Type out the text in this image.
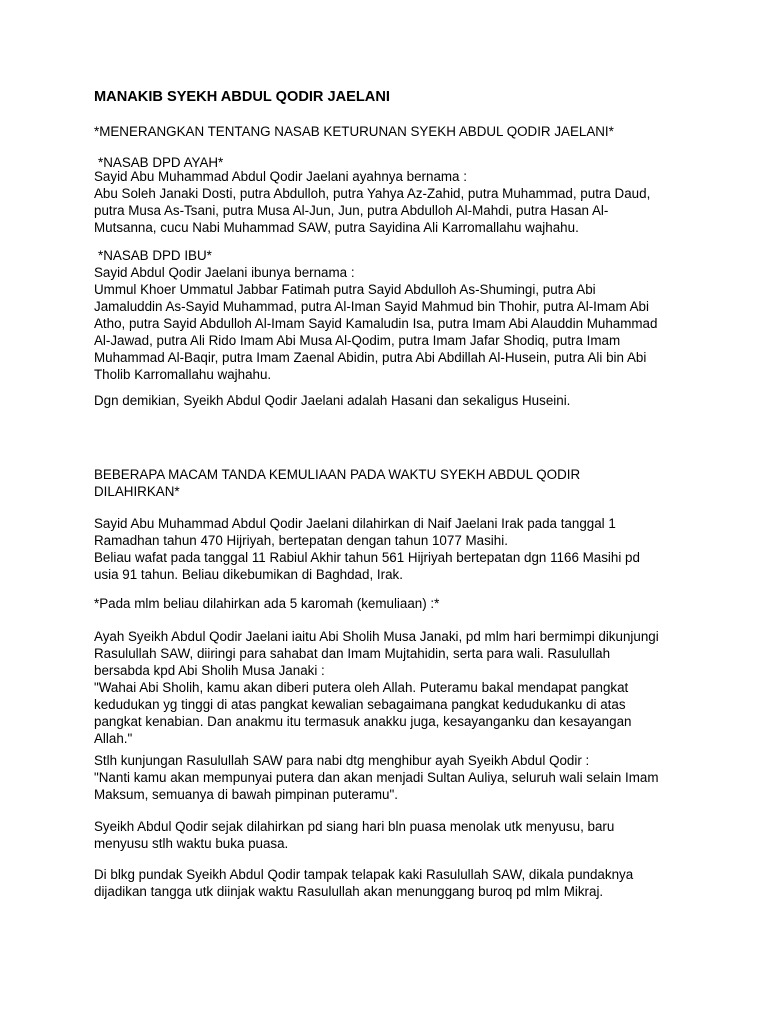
MANAKIB SYEKH ABDUL QODIR JAELANI

*MENERANGKAN TENTANG NASAB KETURUNAN SYEKH ABDUL QODIR JAELANI*

*NASAB DPD AYAH*

Sayid Abu Muhammad Abdul Qodir Jaelani ayahnya bernama :
Abu Soleh Janaki Dosti, putra Abdulloh, putra Yahya Az-Zahid, putra Muhammad, putra Daud,
putra Musa As-Tsani, putra Musa Al-Jun, Jun, putra Abdulloh Al-Mahdi, putra Hasan Al-
Mutsanna, cucu Nabi Muhammad SAW, putra Sayidina Ali Karromallahu wajhahu.

*NASAB DPD IBU*

Sayid Abdul Qodir Jaelani ibunya bernama :
Ummul Khoer Ummatul Jabbar Fatimah putra Sayid Abdulloh As-Shumingi, putra Abi
Jamaluddin As-Sayid Muhammad, putra Al-Iman Sayid Mahmud bin Thohir, putra Al-Imam Abi
Atho, putra Sayid Abdulloh Al-Imam Sayid Kamaludin Isa, putra Imam Abi Alauddin Muhammad
Al-Jawad, putra Ali Rido Imam Abi Musa Al-Qodim, putra Imam Jafar Shodiq, putra Imam
Muhammad Al-Baqir, putra Imam Zaenal Abidin, putra Abi Abdillah Al-Husein, putra Ali bin Abi
Tholib Karromallahu wajhahu.

Dgn demikian, Syeikh Abdul Qodir Jaelani adalah Hasani dan sekaligus Huseini.

BEBERAPA MACAM TANDA KEMULIAAN PADA WAKTU SYEKH ABDUL QODIR
DILAHIRKAN*

Sayid Abu Muhammad Abdul Qodir Jaelani dilahirkan di Naif Jaelani Irak pada tanggal 1
Ramadhan tahun 470 Hijriyah, bertepatan dengan tahun 1077 Masihi.
Beliau wafat pada tanggal 11 Rabiul Akhir tahun 561 Hijriyah bertepatan dgn 1166 Masihi pd
usia 91 tahun. Beliau dikebumikan di Baghdad, Irak.

*Pada mlm beliau dilahirkan ada 5 karomah (kemuliaan) :*

Ayah Syeikh Abdul Qodir Jaelani iaitu Abi Sholih Musa Janaki, pd mlm hari bermimpi dikunjungi
Rasulullah SAW, diiringi para sahabat dan Imam Mujtahidin, serta para wali. Rasulullah
bersabda kpd Abi Sholih Musa Janaki :
"Wahai Abi Sholih, kamu akan diberi putera oleh Allah. Puteramu bakal mendapat pangkat
kedudukan yg tinggi di atas pangkat kewalian sebagaimana pangkat kedudukanku di atas
pangkat kenabian. Dan anakmu itu termasuk anakku juga, kesayanganku dan kesayangan
Allah."

Stlh kunjungan Rasulullah SAW para nabi dtg menghibur ayah Syeikh Abdul Qodir :
"Nanti kamu akan mempunyai putera dan akan menjadi Sultan Auliya, seluruh wali selain Imam
Maksum, semuanya di bawah pimpinan puteramu".

Syeikh Abdul Qodir sejak dilahirkan pd siang hari bln puasa menolak utk menyusu, baru
menyusu stlh waktu buka puasa.

Di blkg pundak Syeikh Abdul Qodir tampak telapak kaki Rasulullah SAW, dikala pundaknya
dijadikan tangga utk diinjak waktu Rasulullah akan menunggang buroq pd mlm Mikraj.
